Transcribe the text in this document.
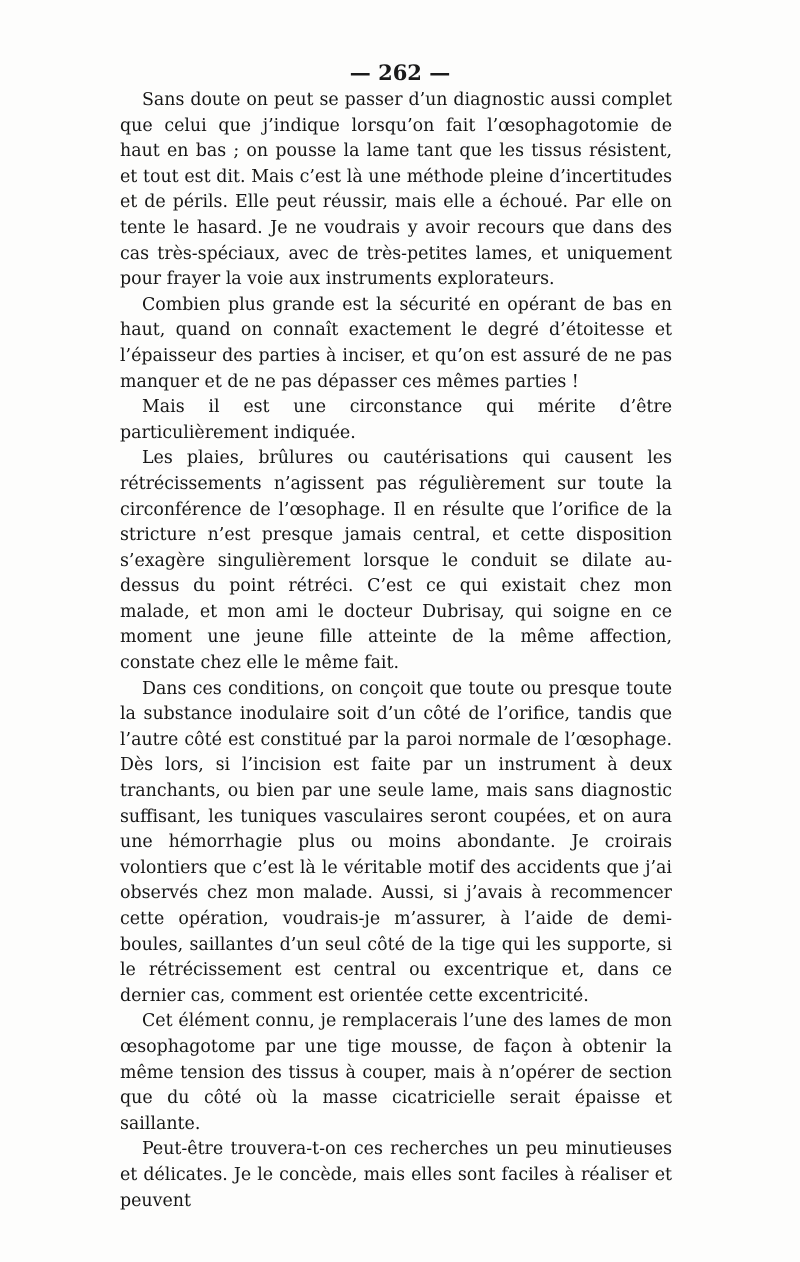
— 262 —

Sans doute on peut se passer d’un diagnostic aussi complet que celui que j’indique lorsqu’on fait l’œsophagotomie de haut en bas ; on pousse la lame tant que les tissus résistent, et tout est dit. Mais c’est là une méthode pleine d’incertitudes et de périls. Elle peut réussir, mais elle a échoué. Par elle on tente le hasard. Je ne voudrais y avoir recours que dans des cas très-spéciaux, avec de très-petites lames, et uniquement pour frayer la voie aux instruments explorateurs.

Combien plus grande est la sécurité en opérant de bas en haut, quand on connaît exactement le degré d’étoitesse et l’épaisseur des parties à inciser, et qu’on est assuré de ne pas manquer et de ne pas dépasser ces mêmes parties !

Mais il est une circonstance qui mérite d’être particulièrement indiquée.

Les plaies, brûlures ou cautérisations qui causent les rétrécissements n’agissent pas régulièrement sur toute la circonférence de l’œsophage. Il en résulte que l’orifice de la stricture n’est presque jamais central, et cette disposition s’exagère singulièrement lorsque le conduit se dilate au-dessus du point rétréci. C’est ce qui existait chez mon malade, et mon ami le docteur Dubrisay, qui soigne en ce moment une jeune fille atteinte de la même affection, constate chez elle le même fait.

Dans ces conditions, on conçoit que toute ou presque toute la substance inodulaire soit d’un côté de l’orifice, tandis que l’autre côté est constitué par la paroi normale de l’œsophage. Dès lors, si l’incision est faite par un instrument à deux tranchants, ou bien par une seule lame, mais sans diagnostic suffisant, les tuniques vasculaires seront coupées, et on aura une hémorrhagie plus ou moins abondante. Je croirais volontiers que c’est là le véritable motif des accidents que j’ai observés chez mon malade. Aussi, si j’avais à recommencer cette opération, voudrais-je m’assurer, à l’aide de demi-boules, saillantes d’un seul côté de la tige qui les supporte, si le rétrécissement est central ou excentrique et, dans ce dernier cas, comment est orientée cette excentricité.

Cet élément connu, je remplacerais l’une des lames de mon œsophagotome par une tige mousse, de façon à obtenir la même tension des tissus à couper, mais à n’opérer de section que du côté où la masse cicatricielle serait épaisse et saillante.

Peut-être trouvera-t-on ces recherches un peu minutieuses et délicates. Je le concède, mais elles sont faciles à réaliser et peuvent
